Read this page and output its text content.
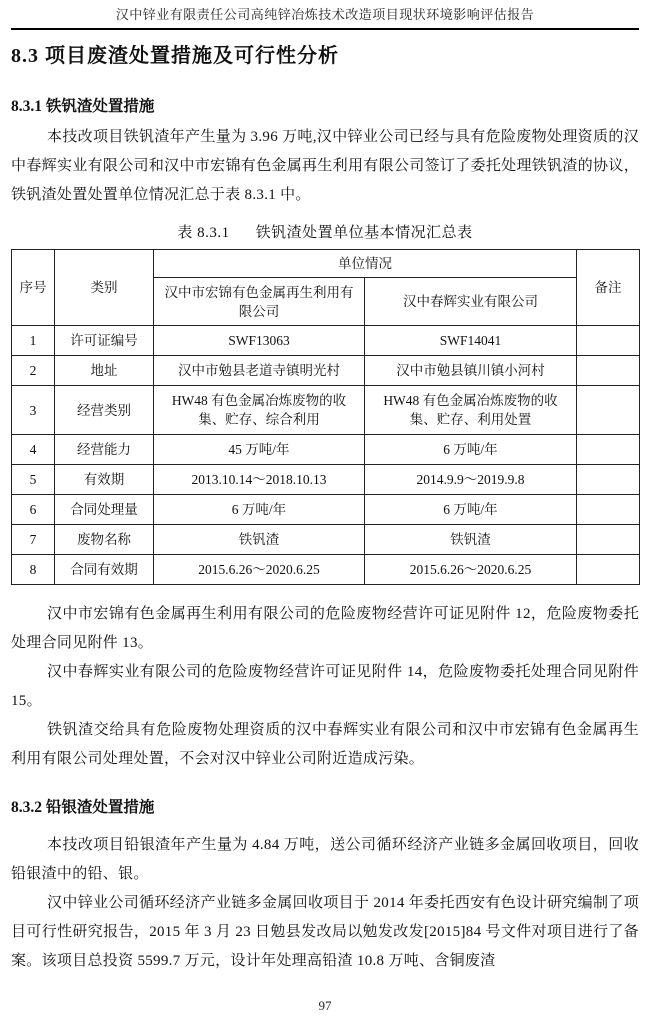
汉中锌业有限责任公司高纯锌冶炼技术改造项目现状环境影响评估报告
8.3 项目废渣处置措施及可行性分析
8.3.1 铁钒渣处置措施

本技改项目铁钒渣年产生量为 3.96 万吨,汉中锌业公司已经与具有危险废物处理资质的汉中春辉实业有限公司和汉中市宏锦有色金属再生利用有限公司签订了委托处理铁钒渣的协议，铁钒渣处置处置单位情况汇总于表 8.3.1 中。

表 8.3.1 铁钒渣处置单位基本情况汇总表
序号	类别	单位情况		备注
		汉中市宏锦有色金属再生利用有限公司	汉中春辉实业有限公司	
1	许可证编号	SWF13063	SWF14041	
2	地址	汉中市勉县老道寺镇明光村	汉中市勉县镇川镇小河村	
3	经营类别	HW48 有色金属冶炼废物的收集、贮存、综合利用	HW48 有色金属冶炼废物的收集、贮存、利用处置	
4	经营能力	45 万吨/年	6 万吨/年	
5	有效期	2013.10.14～2018.10.13	2014.9.9～2019.9.8	
6	合同处理量	6 万吨/年	6 万吨/年	
7	废物名称	铁钒渣	铁钒渣	
8	合同有效期	2015.6.26～2020.6.25	2015.6.26～2020.6.25	

汉中市宏锦有色金属再生利用有限公司的危险废物经营许可证见附件 12，危险废物委托处理合同见附件 13。

汉中春辉实业有限公司的危险废物经营许可证见附件 14，危险废物委托处理合同见附件 15。

铁钒渣交给具有危险废物处理资质的汉中春辉实业有限公司和汉中市宏锦有色金属再生利用有限公司处理处置，不会对汉中锌业公司附近造成污染。

8.3.2 铅银渣处置措施

本技改项目铅银渣年产生量为 4.84 万吨，送公司循环经济产业链多金属回收项目，回收铅银渣中的铅、银。

汉中锌业公司循环经济产业链多金属回收项目于 2014 年委托西安有色设计研究编制了项目可行性研究报告，2015 年 3 月 23 日勉县发改局以勉发改发[2015]84 号文件对项目进行了备案。该项目总投资 5599.7 万元，设计年处理高铅渣 10.8 万吨、含铜废渣

97
